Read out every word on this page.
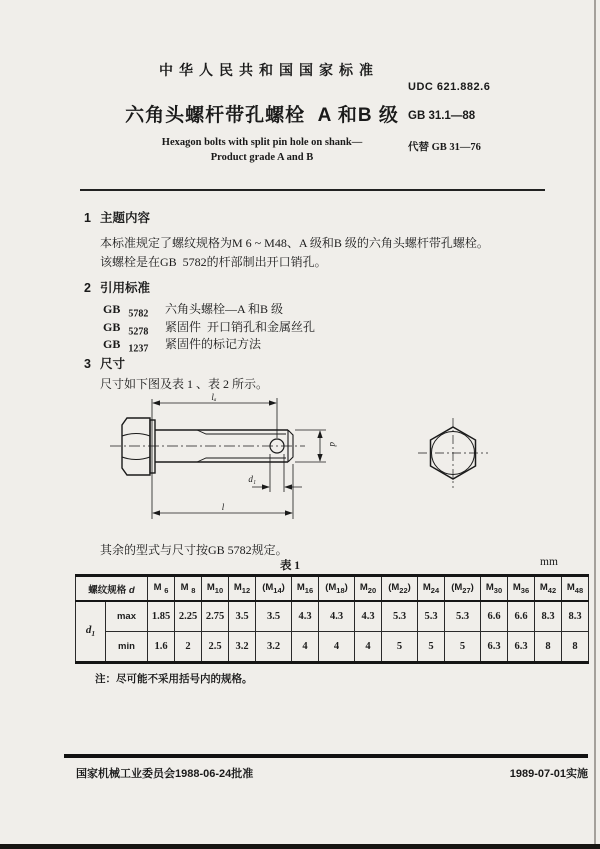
中华人民共和国国家标准
UDC 621.882.6
六角头螺杆带孔螺栓  A 和B 级 GB 31.1—88
Hexagon bolts with split pin hole on shank—
Product grade A and B
代替 GB 31—76
1 主题内容
本标准规定了螺纹规格为M 6 ~ M48、A 级和B 级的六角头螺杆带孔螺栓。
该螺栓是在GB  5782的杆部制出开口销孔。
2 引用标准
GB $_{5782}$ 六角头螺栓—A 和B 级
GB $_{5278}$ 紧固件  开口销孔和金属丝孔
GB $_{1237}$ 紧固件的标记方法
3 尺寸
尺寸如下图及表 1 、表 2 所示。
lₐ
l
d
d₁
其余的型式与尺寸按GB 5782规定。
表 1	mm
螺纹规格 d		M $_6$	M $_8$	$M_{10}$	$M_{12}$	$(M_{14})$	$M_{16}$	$(M_{18})$	$M_{20}$	$(M_{22})$	$M_{24}$	$(M_{27})$	$M_{30}$	$M_{36}$	$M_{42}$	$M_{48}$
$d_1$	max	1.85	2.25	2.75	3.5	3.5	4.3	4.3	4.3	5.3	5.3	5.3	6.6	6.6	8.3	8.3
	min	1.6	2	2.5	3.2	3.2	4	4	4	5	5	5	6.3	6.3	8	8
注：尽可能不采用括号内的规格。
国家机械工业委员会1988-06-24批准	1989-07-01实施
